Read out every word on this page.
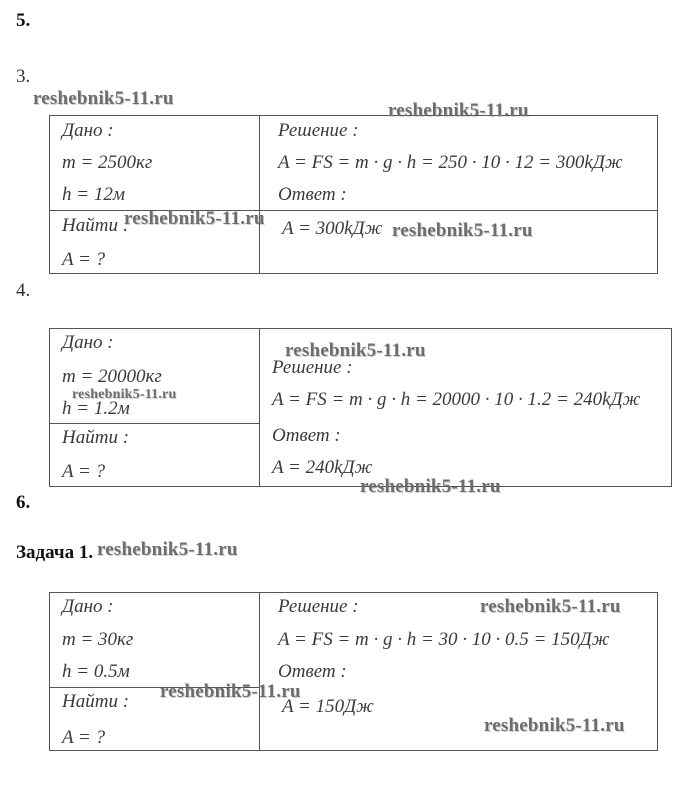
5.
3.
4.
6.
Задача 1.
Дано :
m = 2500кг
h = 12м
Найти :
A = ?
Решение :
A = FS = m · g · h = 250 · 10 · 12 = 300kДж
Ответ :
A = 300kДж
Дано :
m = 20000кг
h = 1.2м
Найти :
A = ?
Решение :
A = FS = m · g · h = 20000 · 10 · 1.2 = 240kДж
Ответ :
A = 240kДж
Дано :
m = 30кг
h = 0.5м
Найти :
A = ?
Решение :
A = FS = m · g · h = 30 · 10 · 0.5 = 150Дж
Ответ :
A = 150Дж
reshebnik5-11.ru
reshebnik5-11.ru
reshebnik5-11.ru
reshebnik5-11.ru
reshebnik5-11.ru
reshebnik5-11.ru
reshebnik5-11.ru
reshebnik5-11.ru
reshebnik5-11.ru
reshebnik5-11.ru
reshebnik5-11.ru
